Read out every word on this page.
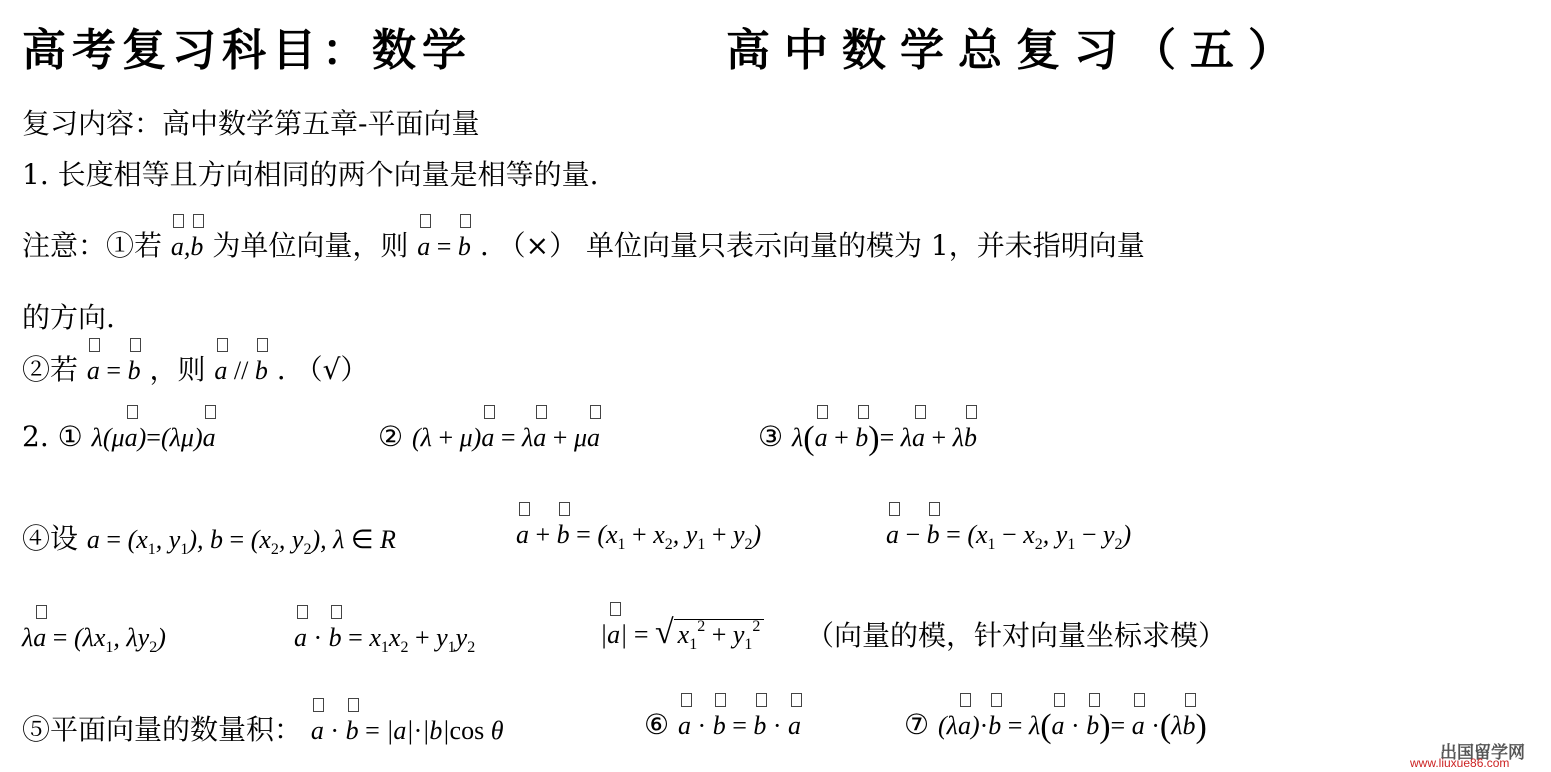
高考复习科目：数学	高中数学总复习（五）
复习内容：高中数学第五章-平面向量
1. 长度相等且方向相同的两个向量是相等的量.
注意：①若 a,b 为单位向量，则 a = b . （×） 单位向量只表示向量的模为 1，并未指明向量
的方向.
②若 a = b ，则 a // b . （√）
2. ① λ(μa)=(λμ)a	② (λ + μ)a = λa + μa	③ λ(a + b)= λa + λb
④设 $a = (x_1$, $y_1$), $b = (x_2$, $y_2$), λ ∈ R	$a + b = (x_1 + x_2$, $y_1 + y_2$)	$a - b = (x_1 - x_2$, $y_1 - y_2$)
$\lambda a = (\lambda x_1$, $\lambda y_2$)	$a \cdot b = x_1x_2 + y_1y_2$	|a| = √ $x_1^2 + y_1^2$ （向量的模，针对向量坐标求模）
⑤平面向量的数量积： a · b = |a|·|b|cos θ	⑥ a · b = b · a	⑦ (λa)·b = λ(a · b)= a ·(λb)
出国留学网
www.liuxue86.com
